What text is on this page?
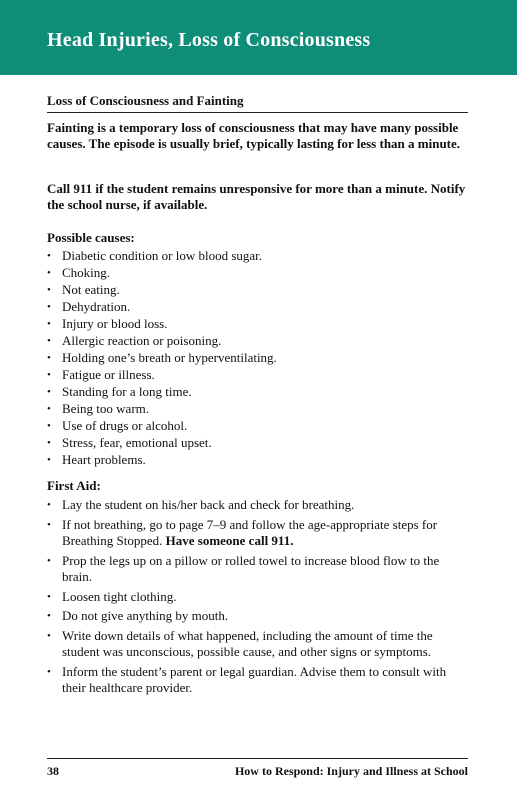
Head Injuries, Loss of Consciousness
Loss of Consciousness and Fainting

Fainting is a temporary loss of consciousness that may have many possible causes. The episode is usually brief, typically lasting for less than a minute.

Call 911 if the student remains unresponsive for more than a minute. Notify the school nurse, if available.

Possible causes:

• Diabetic condition or low blood sugar.
• Choking.
• Not eating.
• Dehydration.
• Injury or blood loss.
• Allergic reaction or poisoning.
• Holding one’s breath or hyperventilating.
• Fatigue or illness.
• Standing for a long time.
• Being too warm.
• Use of drugs or alcohol.
• Stress, fear, emotional upset.
• Heart problems.

First Aid:

• Lay the student on his/her back and check for breathing.
• If not breathing, go to page 7–9 and follow the age-appropriate steps for Breathing Stopped. Have someone call 911.
• Prop the legs up on a pillow or rolled towel to increase blood flow to the brain.
• Loosen tight clothing.
• Do not give anything by mouth.
• Write down details of what happened, including the amount of time the student was unconscious, possible cause, and other signs or symptoms.
• Inform the student’s parent or legal guardian. Advise them to consult with their healthcare provider.
38	How to Respond: Injury and Illness at School
